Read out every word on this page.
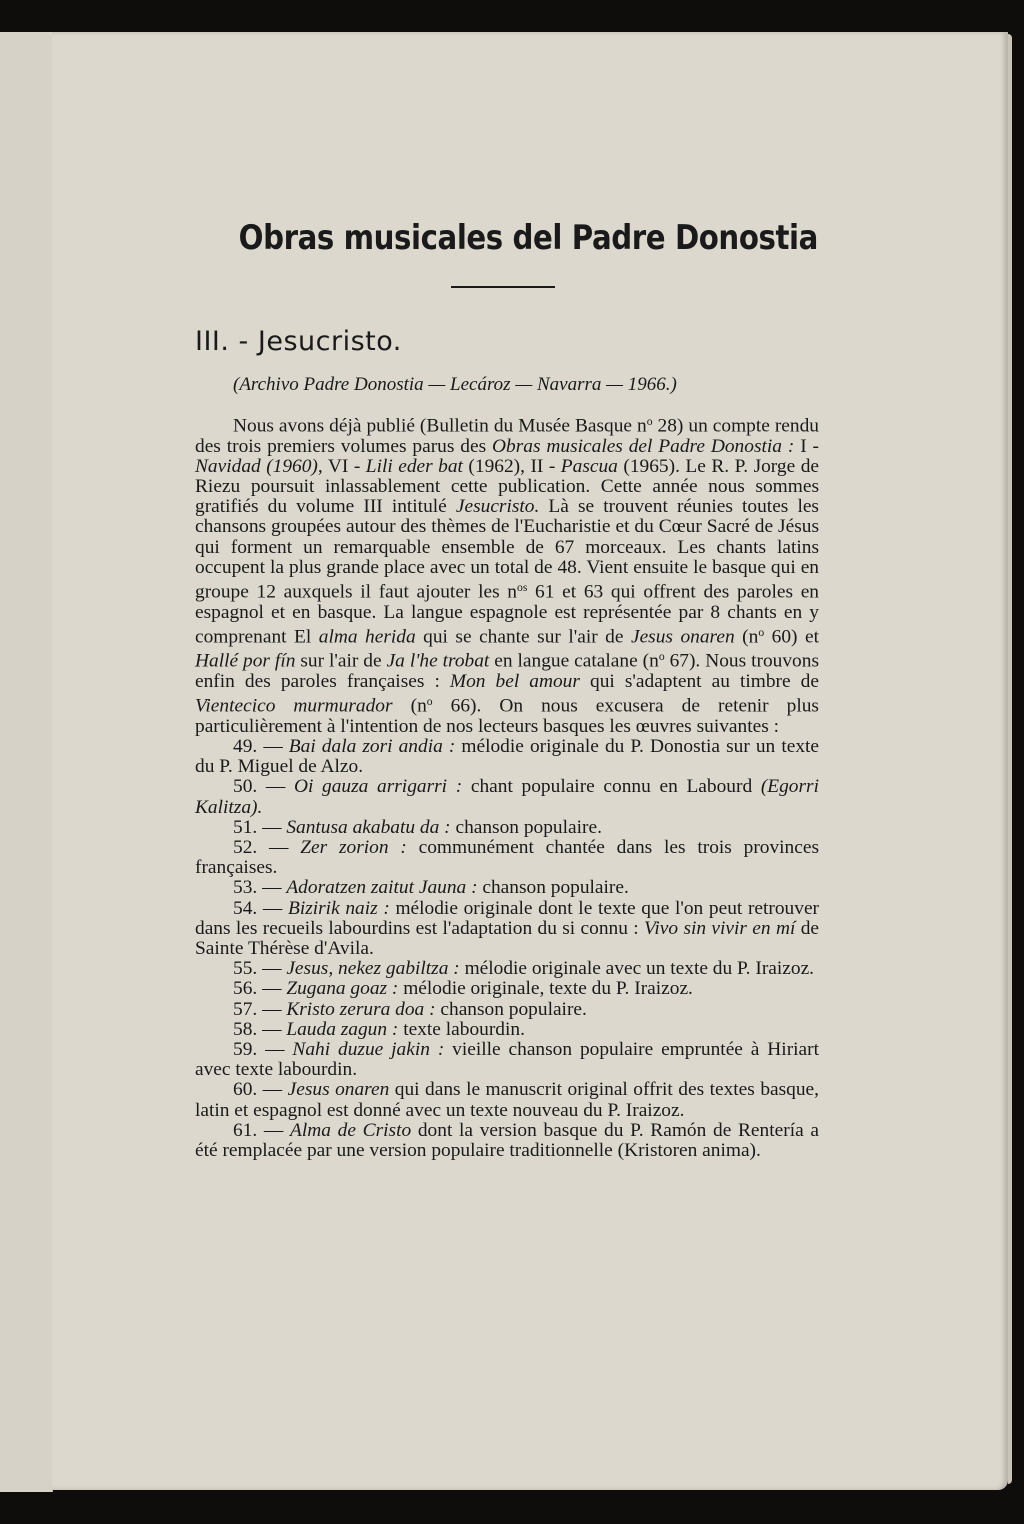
Obras musicales del Padre Donostia
III. - Jesucristo.

(Archivo Padre Donostia — Lecároz — Navarra — 1966.)

Nous avons déjà publié (Bulletin du Musée Basque $n^o$ 28) un compte rendu des trois premiers volumes parus des Obras musicales del Padre Donostia : I - Navidad (1960), VI - Lili eder bat (1962), II - Pascua (1965). Le R. P. Jorge de Riezu poursuit inlassablement cette publication. Cette année nous sommes gratifiés du volume III intitulé Jesucristo. Là se trouvent réunies toutes les chansons groupées autour des thèmes de l'Eucharistie et du Cœur Sacré de Jésus qui forment un remarquable ensemble de 67 morceaux. Les chants latins occupent la plus grande place avec un total de 48. Vient ensuite le basque qui en groupe 12 auxquels il faut ajouter les $n^{os}$ 61 et 63 qui offrent des paroles en espagnol et en basque. La langue espagnole est représentée par 8 chants en y comprenant El alma herida qui se chante sur l'air de Jesus onaren ($n^o$ 60) et Hallé por fín sur l'air de Ja l'he trobat en langue catalane ($n^o$ 67). Nous trouvons enfin des paroles françaises : Mon bel amour qui s'adaptent au timbre de Vientecico murmurador ($n^o$ 66). On nous excusera de retenir plus particulièrement à l'intention de nos lecteurs basques les œuvres suivantes :

49. — Bai dala zori andia : mélodie originale du P. Donostia sur un texte du P. Miguel de Alzo.

50. — Oi gauza arrigarri : chant populaire connu en Labourd (Egorri Kalitza).

51. — Santusa akabatu da : chanson populaire.

52. — Zer zorion : communément chantée dans les trois provinces françaises.

53. — Adoratzen zaitut Jauna : chanson populaire.

54. — Bizirik naiz : mélodie originale dont le texte que l'on peut retrouver dans les recueils labourdins est l'adaptation du si connu : Vivo sin vivir en mí de Sainte Thérèse d'Avila.

55. — Jesus, nekez gabiltza : mélodie originale avec un texte du P. Iraizoz.

56. — Zugana goaz : mélodie originale, texte du P. Iraizoz.

57. — Kristo zerura doa : chanson populaire.

58. — Lauda zagun : texte labourdin.

59. — Nahi duzue jakin : vieille chanson populaire empruntée à Hiriart avec texte labourdin.

60. — Jesus onaren qui dans le manuscrit original offrit des textes basque, latin et espagnol est donné avec un texte nouveau du P. Iraizoz.

61. — Alma de Cristo dont la version basque du P. Ramón de Rentería a été remplacée par une version populaire traditionnelle (Kristoren anima).
